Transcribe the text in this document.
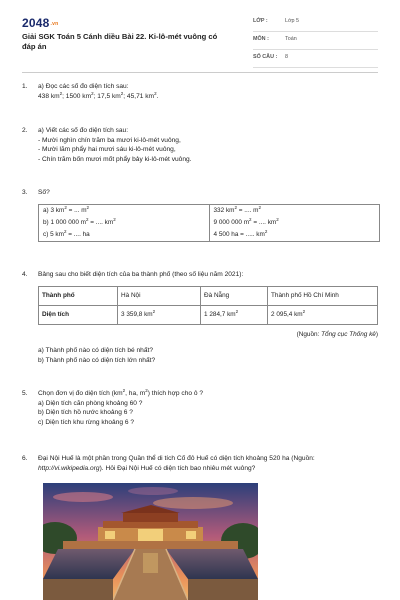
2048.vn
Giải SGK Toán 5 Cánh diều Bài 22. Ki-lô-mét vuông có đáp án
LỚP :	Lớp 5
MÔN :	Toán
SỐ CÂU : 8
1. a) Đọc các số đo diện tích sau:

438 $km^2$; 1500 $km^2$; 17,5 $km^2$; 45,71 $km^2$.

2. a) Viết các số đo diện tích sau:

- Mười nghìn chín trăm ba mươi ki-lô-mét vuông,

- Mười lăm phẩy hai mươi sáu ki-lô-mét vuông,

- Chín trăm bốn mươi mốt phẩy bảy ki-lô-mét vuông.

3. Số?

a) 3 $km^2$ = ... $m^2$	332 $km^2$ = .... $m^2$
b) 1 000 000 $m^2$ = .... $km^2$	9 000 000 $m^2$ = .... $km^2$
c) 5 $km^2$ = .... ha	4 500 ha = ..... $km^2$
4. Bảng sau cho biết diện tích của ba thành phố (theo số liệu năm 2021):

Thành phố	Hà Nội	Đà Nẵng	Thành phố Hồ Chí Minh
Diện tích	3 359,8 $km^2$	1 284,7 $km^2$	2 095,4 $km^2$
(Nguồn: Tổng cục Thống kê)

a) Thành phố nào có diện tích bé nhất?

b) Thành phố nào có diện tích lớn nhất?

5. Chọn đơn vị đo diện tích ($km^2$, ha, $m^2$) thích hợp cho ô ?

a) Diện tích căn phòng khoảng 60 ?

b) Diện tích hồ nước khoảng 6 ?

c) Diện tích khu rừng khoảng 6 ?

6. Đại Nội Huế là một phần trong Quần thể di tích Cố đô Huế có diện tích khoảng 520 ha (Nguồn: http://vi.wikipedia.org). Hỏi Đại Nội Huế có diện tích bao nhiêu mét vuông?
